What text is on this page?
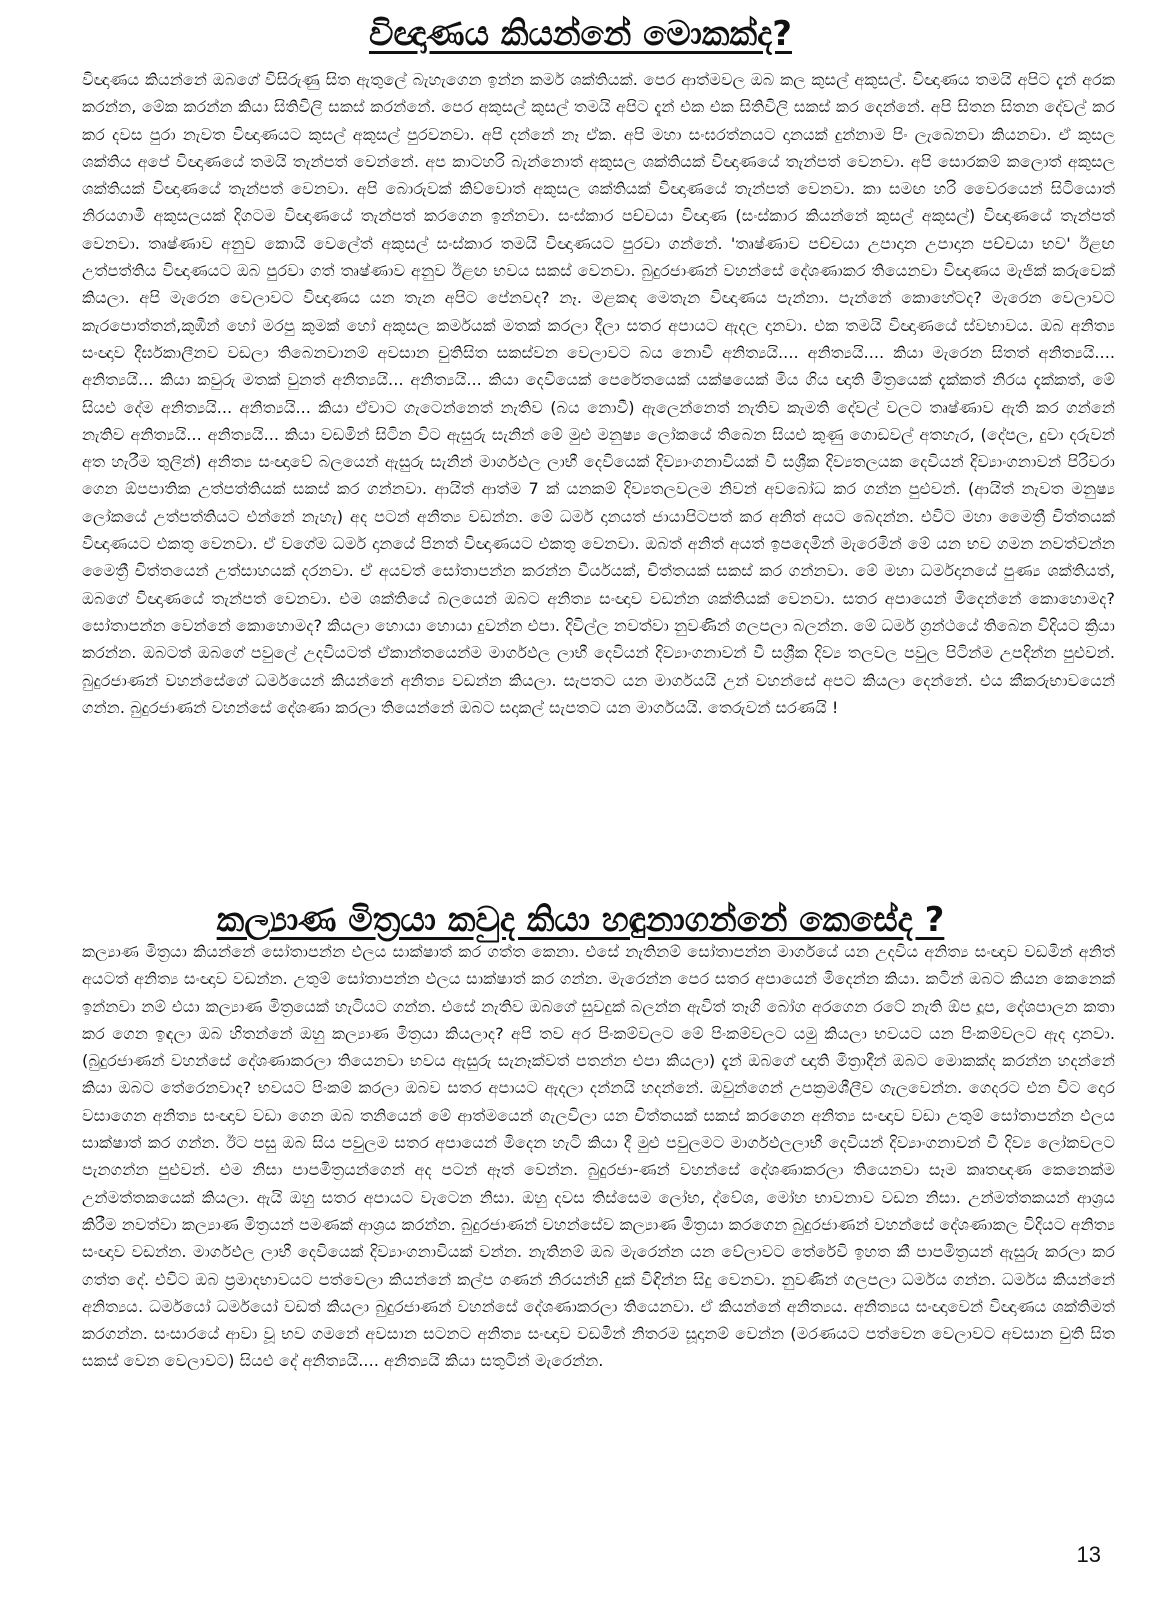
විඥාණය කියන්නේ මොකක්ද?

විඥාණය කියන්නේ ඔබගේ විසිරුණු සිත ඇතුලේ බැහැගෙන ඉන්න කර්ම ශක්තියක්. පෙර ආත්මවල ඔබ කල කුසල් අකුසල්. විඥාණය තමයි අපිට දැන් අරක කරන්න, මේක කරන්න කියා සිතිවිලි සකස් කරන්නේ. පෙර අකුසල් කුසල් තමයි අපිට දැන් එක එක සිතිවිලි සකස් කර දෙන්නේ. අපි සිතන සිතන දේවල් කර කර දවස පුරා නැවත විඥාණයට කුසල් අකුසල් පුරවනවා. අපි දන්නේ නෑ ඒක. අපි මහා සංඝරත්නයට දානයක් දුන්නාම පිං ලැබෙනවා කියනවා. ඒ කුසල ශක්තිය අපේ විඥාණයේ තමයි තැන්පත් වෙන්නේ. අප කාටහරි බැන්නොත් අකුසල ශක්තියක් විඥාණයේ තැන්පත් වෙනවා. අපි සොරකම් කලොත් අකුසල ශක්තියක් විඥාණයේ තැන්පත් වෙනවා. අපි බොරුවක් කිව්වොත් අකුසල ශක්තියක් විඥාණයේ තැන්පත් වෙනවා. කා සමඟ හරි වෛරයෙන් සිටියොත් නිරයගාමී අකුසලයක් දිගටම විඥාණයේ තැන්පත් කරගෙන ඉන්නවා. සංස්කාර පච්චයා විඥාණ (සංස්කාර කියන්නේ කුසල් අකුසල්) විඥාණයේ තැන්පත් වෙනවා. තෘෂ්ණාව අනුව කොයි වෙලේත් අකුසල් සංස්කාර තමයි විඥාණයට පුරවා ගන්නේ. 'තෘෂ්ණාව පච්චයා උපාදාන උපාදාන පච්චයා භව' ඊළඟ උත්පත්තිය විඥාණයට ඔබ පුරවා ගත් තෘෂ්ණාව අනුව ඊළඟ භවය සකස් වෙනවා. බුදුරජාණන් වහන්සේ දේශණාකර තියෙනවා විඥාණය මැජික් කරුවෙක් කියලා. අපි මැරෙන වෙලාවට විඥාණය යන තැන අපිට පේනවද? නෑ. මළකඳ මෙතැන විඥාණය පැන්නා. පැන්නේ කොහේටද? මැරෙන වෙලාවට කැරපොත්තන්,කුඹීන් හෝ මරපු කුමක් හෝ අකුසල කර්මයක් මතක් කරලා දීලා සතර අපායට ඇදල දානවා. එක තමයි විඥාණයේ ස්වභාවය. ඔබ අනිත්‍ය සංඥාව දීර්ඝකාලීනව වඩලා තිබෙනවානම් අවසාන චුතිසිත සකස්වන වෙලාවට බය නොවී අනිත්‍යයි.... අනිත්‍යයි.... කියා මැරෙන සිතත් අනිත්‍යයි.... අනිත්‍යයි... කියා කවුරු මතක් වුනත් අනිත්‍යයි... අනිත්‍යයි... කියා දෙවියෙක් පෙරේතයෙක් යක්ෂයෙක් මිය ගිය ඥාති මිත්‍රයෙක් දැක්කත් නිරය දැක්කත්, මේ සියළු දේම අනිත්‍යයි... අනිත්‍යයි... කියා ඒවාට ගැටෙන්නෙත් නැතිව (බය නොවී) ඇලෙන්නෙත් නැතිව කැමති දේවල් වලට තෘෂ්ණාව ඇති කර ගන්නේ නැතිව අනිත්‍යයි... අනිත්‍යයි... කියා වඩමින් සිටින විට ඇසුරු සැනින් මේ මුළු මනුෂ්‍ය ලෝකයේ තිබෙන සියළු කුණු ගොඩවල් අතහැර, (දේපල, දුවා දරුවන් අත හැරීම තුලින්) අනිත්‍ය සංඥාවේ බලයෙන් ඇසුරු සැනින් මාර්ගඵල ලාභී දෙවියෙක් දිව්‍යාංගනාවියක් වී සශ්‍රීක දිව්‍යතලයක දෙවියන් දිව්‍යාංගනාවන් පිරිවරා ගෙන ඕපපාතික උත්පත්තියක් සකස් කර ගන්නවා. ආයිත් ආත්ම 7 ක් යනකම් දිව්‍යතලවලම නිවන් අවබෝධ කර ගන්න පුළුවන්. (ආයිත් නැවත මනුෂ්‍ය ලෝකයේ උත්පත්තියට එන්නේ නැහැ) අද පටන් අනිත්‍ය වඩන්න. මේ ධර්ම දානයත් ජායාපිටපත් කර අනිත් අයට බෙදන්න. එවිට මහා මෛත්‍රී චිත්තයක් විඥාණයට එකතු වෙනවා. ඒ වගේම ධර්ම දානයේ පිනත් විඥාණයට එකතු වෙනවා. ඔබත් අනිත් අයත් ඉපදෙමින් මැරෙමින් මේ යන භව ගමන නවත්වන්න මෛත්‍රී චිත්තයෙන් උත්සාහයක් දරනවා. ඒ අයවත් සෝතාපන්න කරන්න වීර්යයක්, චිත්තයක් සකස් කර ගන්නවා. මේ මහා ධර්මදානයේ පුණ්‍ය ශක්තියත්, ඔබගේ විඥාණයේ තැන්පත් වෙනවා. එම ශක්තියේ බලයෙන් ඔබට අනිත්‍ය සංඥාව වඩන්න ශක්තියක් වෙනවා. සතර අපායෙන් මිදෙන්නේ කොහොමද? සෝතාපන්න වෙන්නේ කොහොමද? කියලා හොයා හොයා දුවන්න එපා. දිවිල්ල නවත්වා නුවණින් ගලපලා බලන්න. මේ ධර්ම ග්‍රන්ථයේ තිබෙන විදියට ක්‍රියා කරන්න. ඔබටත් ඔබගේ පවුලේ උදවියටත් ඒකාන්තයෙන්ම මාර්ගඵල ලාභී දෙවියන් දිව්‍යාංගනාවන් වී සශ්‍රීක දිව්‍ය තලවල පවුල පිටින්ම උපදින්න පුළුවන්. බුදුරජාණන් වහන්සේගේ ධර්මයෙන් කියන්නේ අනිත්‍ය වඩන්න කියලා. සැපතට යන මාර්ගයයි උන් වහන්සේ අපට කියලා දෙන්නේ. එය කීකරුභාවයෙන් ගන්න. බුදුරජාණන් වහන්සේ දේශණා කරලා තියෙන්නේ ඔබට සදාකල් සැපතට යන මාර්ගයයි. තෙරුවන් සරණයි !

කල්‍යාණ මිත්‍රයා කවුද කියා හඳුනාගන්නේ කෙසේද ?

කල්‍යාණ මිත්‍රයා කියන්නේ සෝතාපන්න ඵලය සාක්ෂාත් කර ගත්ත කෙනා. එසේ නැතිනම් සෝතාපන්න මාර්ගයේ යන උදවිය අනිත්‍ය සංඥාව වඩමින් අනිත් අයටත් අනිත්‍ය සංඥාව වඩන්න. උතුම් සෝතාපන්න ඵලය සාක්ෂාත් කර ගන්න. මැරෙන්න පෙර සතර අපායෙන් මිදෙන්න කියා. කටින් ඔබට කියන කෙනෙක් ඉන්නවා නම් එයා කල්‍යාණ මිත්‍රයෙක් හැටියට ගන්න. එසේ නැතිව ඔබගේ සුවදුක් බලන්න ඇවිත් තෑගි බෝග අරගෙන රටේ නැති ඕප දූප, දේශපාලන කතා කර ගෙන ඉඳලා ඔබ හිතන්නේ ඔහු කල්‍යාණ මිත්‍රයා කියලාද? අපි තව අර පිංකම්වලට මේ පිංකම්වලට යමු කියලා භවයට යන පිංකම්වලට ඇද දානවා. (බුදුරජාණන් වහන්සේ දේශණාකරලා තියෙනවා භවය ඇසුරු සැනෑක්වත් පතන්න එපා කියලා) දැන් ඔබගේ ඥාති මිත්‍රාදීන් ඔබට මොකක්ද කරන්න හදන්නේ කියා ඔබට තේරෙනවාද? භවයට පිංකම් කරලා ඔබව සතර අපායට ඇදලා දන්නයි හදන්නේ. ඔවුන්ගෙන් උපක්‍රමශීලීව ගැලවෙන්න. ගෙදරට එන විට දොර වසාගෙන අනිත්‍ය සංඥාව වඩා ගෙන ඔබ තනියෙන් මේ ආත්මයෙන් ගැලවිලා යන චිත්තයක් සකස් කරගෙන අනිත්‍ය සංඥාව වඩා උතුම් සෝතාපන්න ඵලය සාක්ෂාත් කර ගන්න. ඊට පසු ඔබ සිය පවුලම සතර අපායෙන් මිදෙන හැටි කියා දී මුළු පවුලමට මාර්ගඵලලාභී දෙවියන් දිව්‍යාංගනාවන් වී දිව්‍ය ලෝකවලට පැනගන්න පුළුවන්. එම නිසා පාපමිත්‍රයන්ගෙන් අද පටන් ඈත් වෙන්න. බුදුරජා-ණන් වහන්සේ දේශණාකරලා තියෙනවා සෑම කෘතඥණ කෙනෙක්ම උන්මත්තකයෙක් කියලා. ඇයි ඔහු සතර අපායට වැටෙන නිසා. ඔහු දවස තිස්සෙම ලෝභ, ද්වේශ, මෝහ භාවනාව වඩන නිසා. උන්මත්තකයන් ආශ්‍රය කිරීම නවත්වා කල්‍යාණ මිත්‍රයන් පමණක් ආශ්‍රය කරන්න. බුදුරජාණන් වහන්සේව කල්‍යාණ මිත්‍රයා කරගෙන බුදුරජාණන් වහන්සේ දේශණාකල විදියට අනිත්‍ය සංඥාව වඩන්න. මාර්ගඵල ලාභී දෙවියෙක් දිව්‍යාංගනාවියක් වන්න. නැතිනම් ඔබ මැරෙන්න යන වේලාවට තේරේවි ඉහත කී පාපමිත්‍රයන් ඇසුරු කරලා කර ගත්ත දේ. එවිට ඔබ ප්‍රමාදභාවයට පත්වෙලා කියන්නේ කල්ප ගණන් නිරයන්හි දුක් විඳින්න සිදු වෙනවා. නුවණින් ගලපලා ධර්මය ගන්න. ධර්මය කියන්නේ අනිත්‍යය. ධර්මයෝ ධර්මයෝ වඩත් කියලා බුදුරජාණන් වහන්සේ දේශණාකරලා තියෙනවා. ඒ කියන්නේ අනිත්‍යය. අනිත්‍යය සංඥාවෙන් විඥාණය ශක්තිමත් කරගන්න. සංසාරයේ ආවා වූ භව ගමනේ අවසාන සටනට අනිත්‍ය සංඥාව වඩමින් නිතරම සූදානම් වෙන්න (මරණයට පත්වෙන වෙලාවට අවසාන චුති සිත සකස් වෙන වෙලාවට) සියළු දේ අනිත්‍යයි.... අනිත්‍යයි කියා සතුටින් මැරෙන්න.

13
